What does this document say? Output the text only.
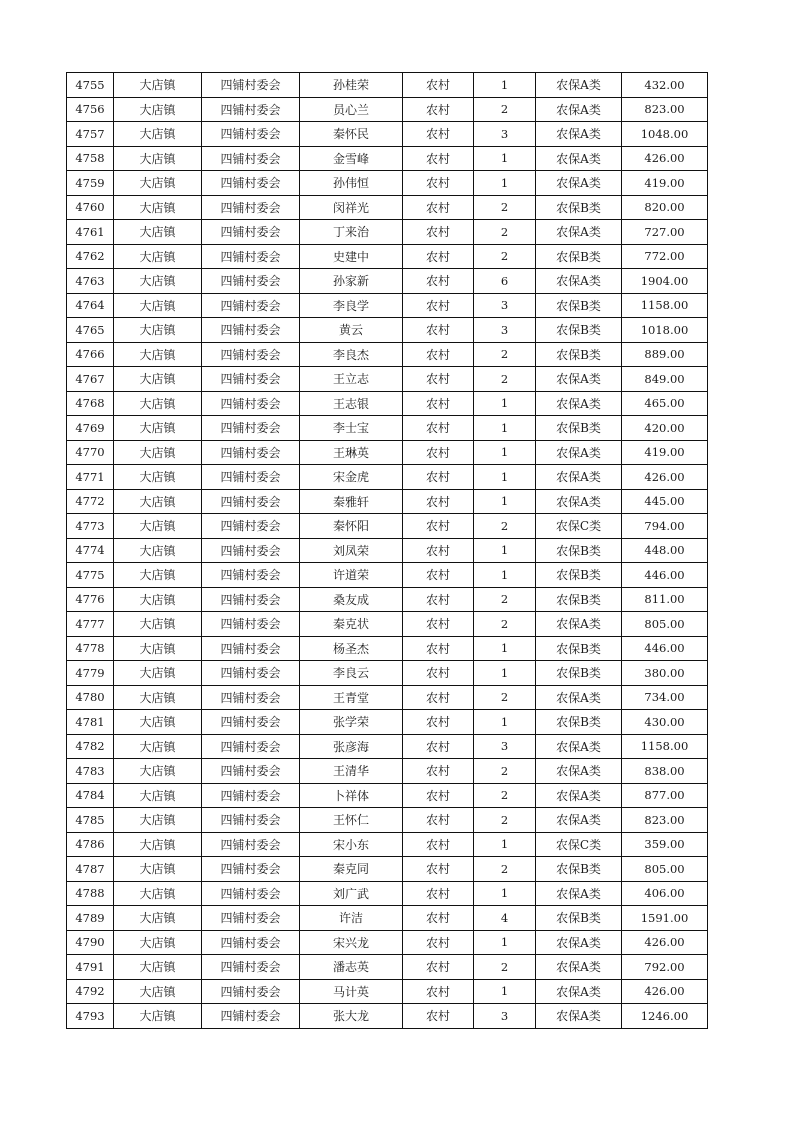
4755	大店镇	四铺村委会	孙桂荣	农村	1	农保A类	432.00
4756	大店镇	四铺村委会	员心兰	农村	2	农保A类	823.00
4757	大店镇	四铺村委会	秦怀民	农村	3	农保A类	1048.00
4758	大店镇	四铺村委会	金雪峰	农村	1	农保A类	426.00
4759	大店镇	四铺村委会	孙伟恒	农村	1	农保A类	419.00
4760	大店镇	四铺村委会	闵祥光	农村	2	农保B类	820.00
4761	大店镇	四铺村委会	丁来治	农村	2	农保A类	727.00
4762	大店镇	四铺村委会	史建中	农村	2	农保B类	772.00
4763	大店镇	四铺村委会	孙家新	农村	6	农保A类	1904.00
4764	大店镇	四铺村委会	李良学	农村	3	农保B类	1158.00
4765	大店镇	四铺村委会	黄云	农村	3	农保B类	1018.00
4766	大店镇	四铺村委会	李良杰	农村	2	农保B类	889.00
4767	大店镇	四铺村委会	王立志	农村	2	农保A类	849.00
4768	大店镇	四铺村委会	王志银	农村	1	农保A类	465.00
4769	大店镇	四铺村委会	李士宝	农村	1	农保B类	420.00
4770	大店镇	四铺村委会	王琳英	农村	1	农保A类	419.00
4771	大店镇	四铺村委会	宋金虎	农村	1	农保A类	426.00
4772	大店镇	四铺村委会	秦雅轩	农村	1	农保A类	445.00
4773	大店镇	四铺村委会	秦怀阳	农村	2	农保C类	794.00
4774	大店镇	四铺村委会	刘凤荣	农村	1	农保B类	448.00
4775	大店镇	四铺村委会	许道荣	农村	1	农保B类	446.00
4776	大店镇	四铺村委会	桑友成	农村	2	农保B类	811.00
4777	大店镇	四铺村委会	秦克状	农村	2	农保A类	805.00
4778	大店镇	四铺村委会	杨圣杰	农村	1	农保B类	446.00
4779	大店镇	四铺村委会	李良云	农村	1	农保B类	380.00
4780	大店镇	四铺村委会	王青堂	农村	2	农保A类	734.00
4781	大店镇	四铺村委会	张学荣	农村	1	农保B类	430.00
4782	大店镇	四铺村委会	张彦海	农村	3	农保A类	1158.00
4783	大店镇	四铺村委会	王清华	农村	2	农保A类	838.00
4784	大店镇	四铺村委会	卜祥体	农村	2	农保A类	877.00
4785	大店镇	四铺村委会	王怀仁	农村	2	农保A类	823.00
4786	大店镇	四铺村委会	宋小东	农村	1	农保C类	359.00
4787	大店镇	四铺村委会	秦克同	农村	2	农保B类	805.00
4788	大店镇	四铺村委会	刘广武	农村	1	农保A类	406.00
4789	大店镇	四铺村委会	许洁	农村	4	农保B类	1591.00
4790	大店镇	四铺村委会	宋兴龙	农村	1	农保A类	426.00
4791	大店镇	四铺村委会	潘志英	农村	2	农保A类	792.00
4792	大店镇	四铺村委会	马计英	农村	1	农保A类	426.00
4793	大店镇	四铺村委会	张大龙	农村	3	农保A类	1246.00
